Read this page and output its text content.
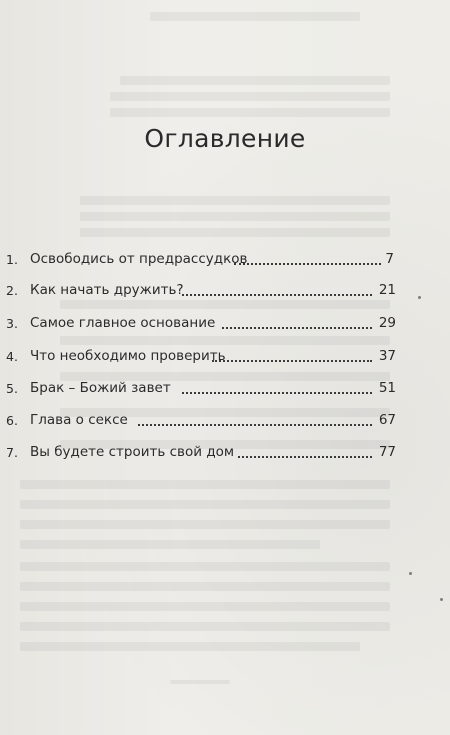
Оглавление
1. Освободись от предрассудков	7
2. Как начать дружить?	21
3. Самое главное основание	29
4. Что необходимо проверить	37
5. Брак – Божий завет	51
6. Глава о сексе	67
7. Вы будете строить свой дом	77
